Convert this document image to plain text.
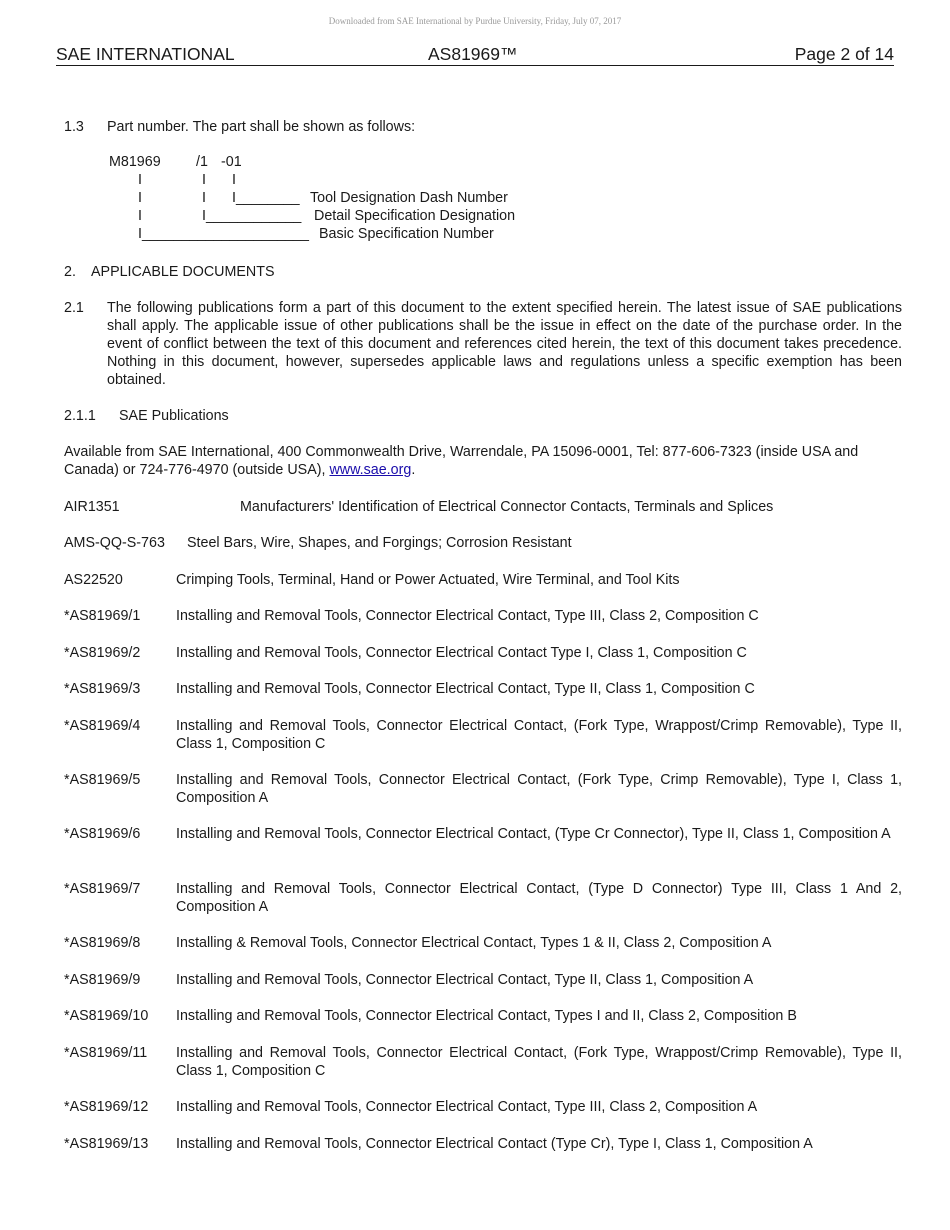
Downloaded from SAE International by Purdue University, Friday, July 07, 2017
SAE INTERNATIONAL	AS81969™	Page 2 of 14
1.3 Part number. The part shall be shown as follows:
M81969 /1 -01
I	I I
I	I I________ Tool Designation Dash Number
I	I____________ Detail Specification Designation
I_____________________ Basic Specification Number
2. APPLICABLE DOCUMENTS
2.1 The following publications form a part of this document to the extent specified herein. The latest issue of SAE publications shall apply. The applicable issue of other publications shall be the issue in effect on the date of the purchase order. In the event of conflict between the text of this document and references cited herein, the text of this document takes precedence. Nothing in this document, however, supersedes applicable laws and regulations unless a specific exemption has been obtained.
2.1.1 SAE Publications
Available from SAE International, 400 Commonwealth Drive, Warrendale, PA 15096-0001, Tel: 877-606-7323 (inside USA and Canada) or 724-776-4970 (outside USA), www.sae.org.
AIR1351	Manufacturers' Identification of Electrical Connector Contacts, Terminals and Splices
AMS-QQ-S-763 Steel Bars, Wire, Shapes, and Forgings; Corrosion Resistant
AS22520	Crimping Tools, Terminal, Hand or Power Actuated, Wire Terminal, and Tool Kits
*AS81969/1 Installing and Removal Tools, Connector Electrical Contact, Type III, Class 2, Composition C
*AS81969/2 Installing and Removal Tools, Connector Electrical Contact Type I, Class 1, Composition C
*AS81969/3 Installing and Removal Tools, Connector Electrical Contact, Type II, Class 1, Composition C
*AS81969/4 Installing and Removal Tools, Connector Electrical Contact, (Fork Type, Wrappost/Crimp Removable), Type II, Class 1, Composition C
*AS81969/5 Installing and Removal Tools, Connector Electrical Contact, (Fork Type, Crimp Removable), Type I, Class 1, Composition A
*AS81969/6 Installing and Removal Tools, Connector Electrical Contact, (Type Cr Connector), Type II, Class 1, Composition A
*AS81969/7 Installing and Removal Tools, Connector Electrical Contact, (Type D Connector) Type III, Class 1 And 2, Composition A
*AS81969/8 Installing & Removal Tools, Connector Electrical Contact, Types 1 & II, Class 2, Composition A
*AS81969/9 Installing and Removal Tools, Connector Electrical Contact, Type II, Class 1, Composition A
*AS81969/10 Installing and Removal Tools, Connector Electrical Contact, Types I and II, Class 2, Composition B
*AS81969/11 Installing and Removal Tools, Connector Electrical Contact, (Fork Type, Wrappost/Crimp Removable), Type II, Class 1, Composition C
*AS81969/12 Installing and Removal Tools, Connector Electrical Contact, Type III, Class 2, Composition A
*AS81969/13 Installing and Removal Tools, Connector Electrical Contact (Type Cr), Type I, Class 1, Composition A
